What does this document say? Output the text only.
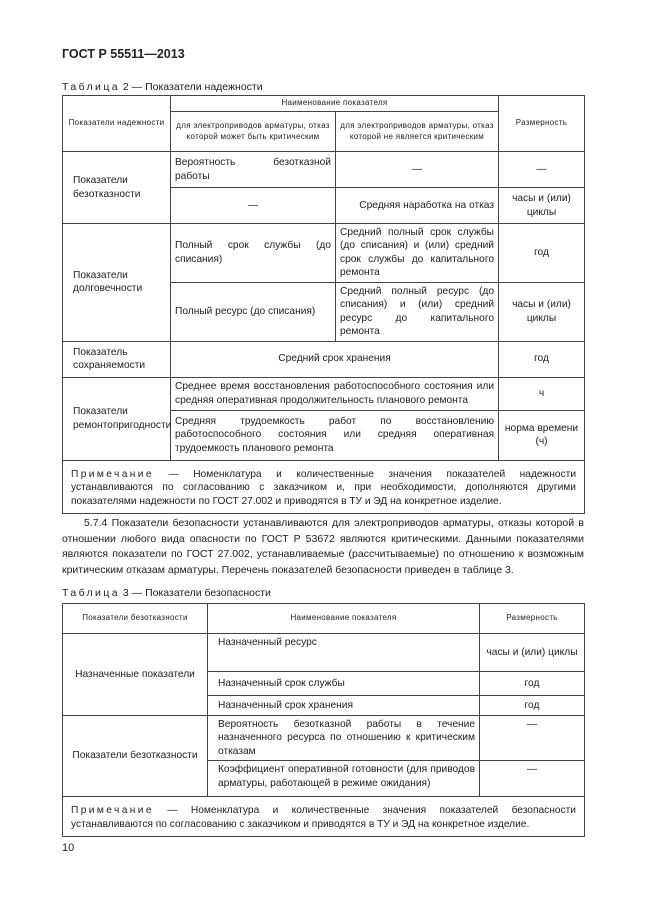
ГОСТ Р 55511—2013
Таблица 2 — Показатели надежности
Показатели надежности	Наименование показателя		Размерность
	для электроприводов арматуры, отказ которой может быть критическим	для электроприводов арматуры, отказ которой не является критическим	
Показатели безотказности	Вероятность безотказной работы	—	—
	—	Средняя наработка на отказ	часы и (или) циклы
Показатели долговечности	Полный срок службы (до списания)	Средний полный срок службы (до списания) и (или) средний срок службы до капитального ремонта	год
	Полный ресурс (до списания)	Средний полный ресурс (до списания) и (или) средний ресурс до капитального ремонта	часы и (или) циклы
Показатель сохраняемости	Средний срок хранения		год
Показатели ремонтопригодности	Среднее время восстановления работоспособного состояния или средняя оперативная продолжительность планового ремонта		ч
	Средняя трудоемкость работ по восстановлению работоспособного состояния или средняя оперативная трудоемкость планового ремонта		норма времени (ч)
Примечание — Номенклатура и количественные значения показателей надежности устанавливаются по согласованию с заказчиком и, при необходимости, дополняются другими показателями надежности по ГОСТ 27.002 и приводятся в ТУ и ЭД на конкретное изделие.			

5.7.4 Показатели безопасности устанавливаются для электроприводов арматуры, отказы которой в отношении любого вида опасности по ГОСТ Р 53672 являются критическими. Данными показателями являются показатели по ГОСТ 27.002, устанавливаемые (рассчитываемые) по отношению к возможным критическим отказам арматуры. Перечень показателей безопасности приведен в таблице 3.

Таблица 3 — Показатели безопасности
Показатели безотказности	Наименование показателя	Размерность
Назначенные показатели	Назначенный ресурс	часы и (или) циклы
	Назначенный срок службы	год
	Назначенный срок хранения	год
Показатели безотказности	Вероятность безотказной работы в течение назначенного ресурса по отношению к критическим отказам	—
	Коэффициент оперативной готовности (для приводов арматуры, работающей в режиме ожидания)	—
Примечание — Номенклатура и количественные значения показателей безопасности устанавливаются по согласованию с заказчиком и приводятся в ТУ и ЭД на конкретное изделие.		
10
